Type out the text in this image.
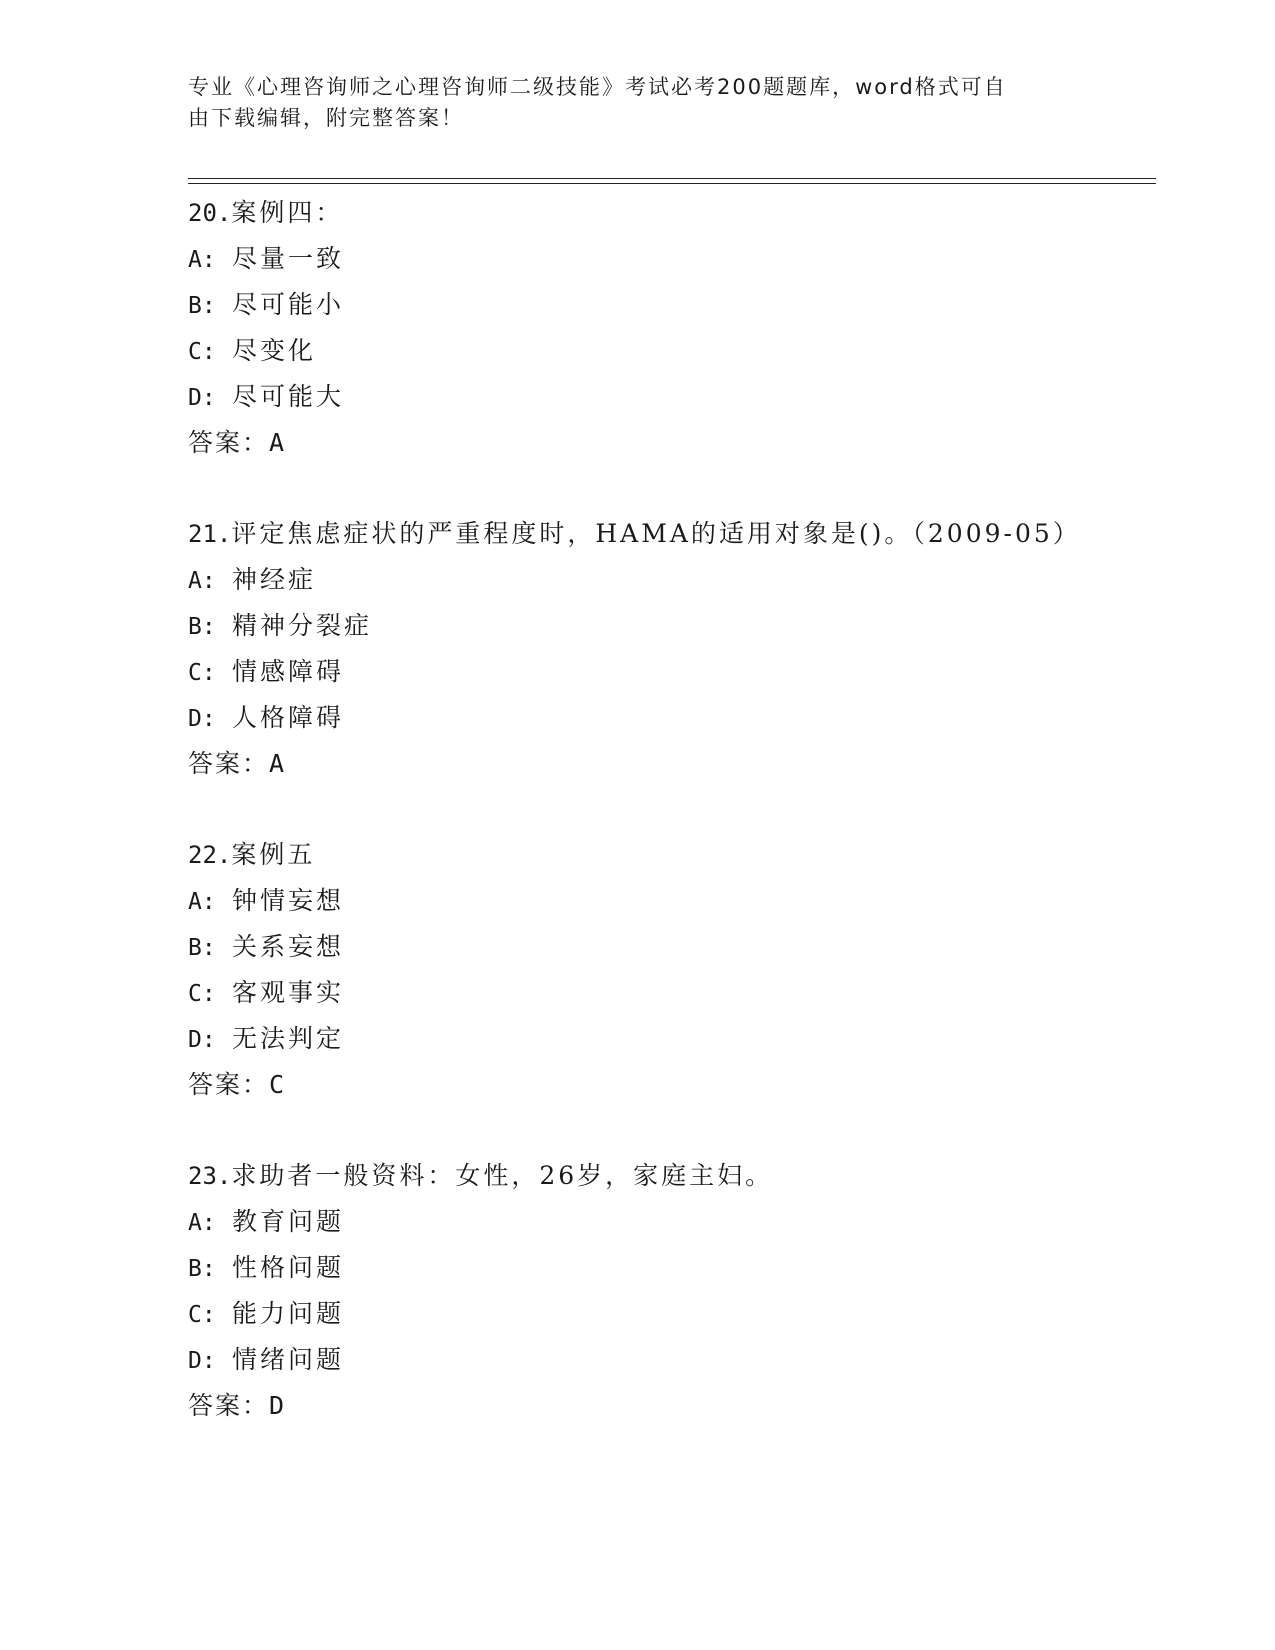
专业《心理咨询师之心理咨询师二级技能》考试必考200题题库，word格式可自
由下载编辑，附完整答案！
20.案例四：
A: 尽量一致
B: 尽可能小
C: 尽变化
D: 尽可能大
答案：A
21.评定焦虑症状的严重程度时，HAMA的适用对象是()。（2009-05）
A: 神经症
B: 精神分裂症
C: 情感障碍
D: 人格障碍
答案：A
22.案例五
A: 钟情妄想
B: 关系妄想
C: 客观事实
D: 无法判定
答案：C
23.求助者一般资料：女性，26岁，家庭主妇。
A: 教育问题
B: 性格问题
C: 能力问题
D: 情绪问题
答案：D
